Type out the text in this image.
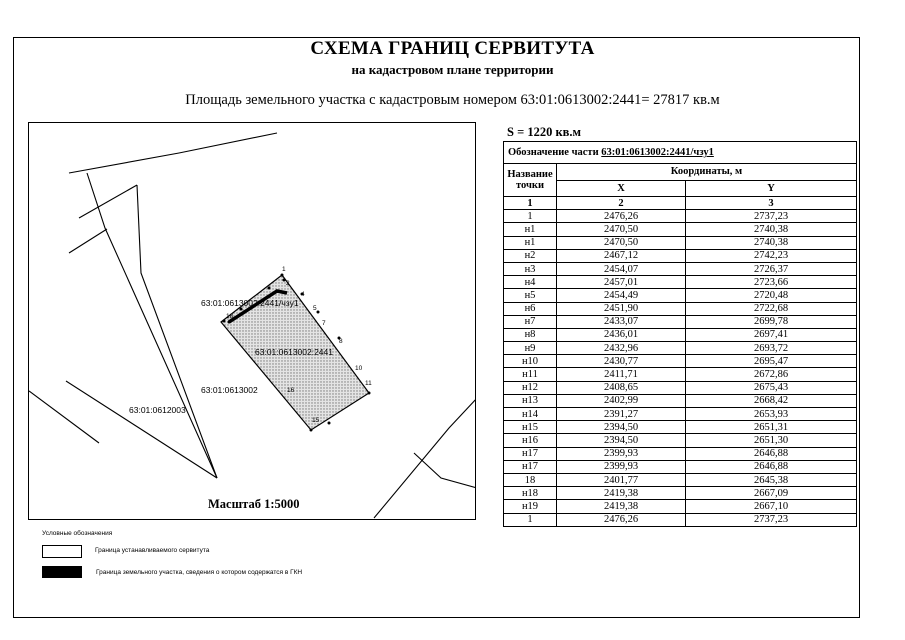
СХЕМА ГРАНИЦ СЕРВИТУТА
на кадастровом плане территории
Площадь земельного участка с кадастровым номером 63:01:0613002:2441= 27817 кв.м
1
2
4
5
7
8
10
11
16
15
18
63:01:0613002:2441/чзу1
63:01:0613002:2441
63:01:0613002
63:01:0612003
Масштаб 1:5000
S = 1220 кв.м
Обозначение части 63:01:0613002:2441/чзу1		
Название точки	Координаты, м	
	X	Y
1	2	3
1	2476,26	2737,23
н1	2470,50	2740,38
н1	2470,50	2740,38
н2	2467,12	2742,23
н3	2454,07	2726,37
н4	2457,01	2723,66
н5	2454,49	2720,48
н6	2451,90	2722,68
н7	2433,07	2699,78
н8	2436,01	2697,41
н9	2432,96	2693,72
н10	2430,77	2695,47
н11	2411,71	2672,86
н12	2408,65	2675,43
н13	2402,99	2668,42
н14	2391,27	2653,93
н15	2394,50	2651,31
н16	2394,50	2651,30
н17	2399,93	2646,88
н17	2399,93	2646,88
18	2401,77	2645,38
н18	2419,38	2667,09
н19	2419,38	2667,10
1	2476,26	2737,23
Условные обозначения
Граница устанавливаемого сервитута
Граница земельного участка, сведения о котором содержатся в ГКН
